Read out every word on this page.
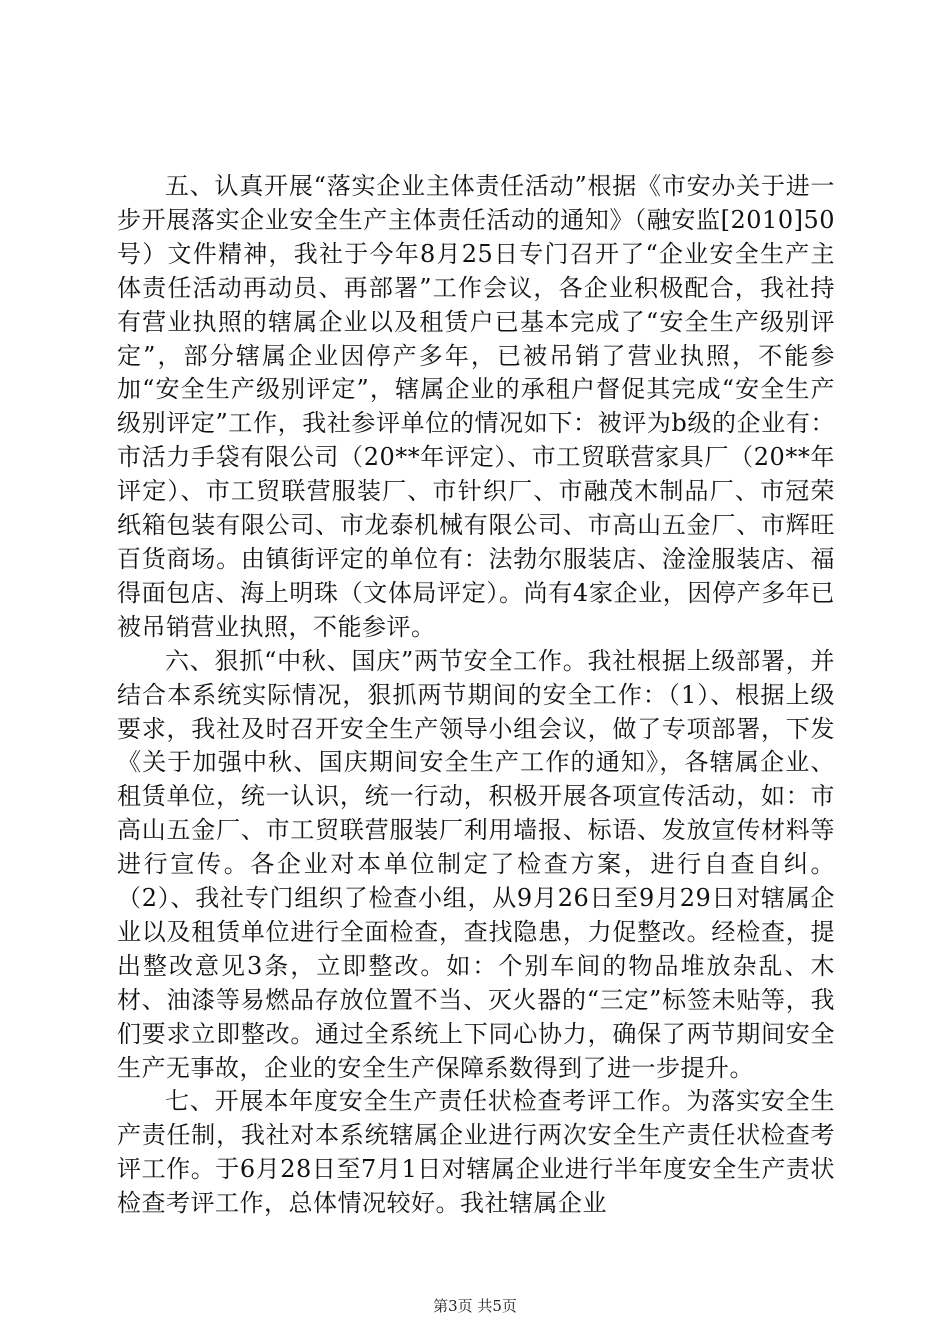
五、认真开展“落实企业主体责任活动”根据《市安办关于进一步开展落实企业安全生产主体责任活动的通知》（融安监[2010]50号）文件精神，我社于今年8月25日专门召开了“企业安全生产主体责任活动再动员、再部署”工作会议，各企业积极配合，我社持有营业执照的辖属企业以及租赁户已基本完成了“安全生产级别评定”，部分辖属企业因停产多年，已被吊销了营业执照，不能参加“安全生产级别评定”，辖属企业的承租户督促其完成“安全生产级别评定”工作，我社参评单位的情况如下：被评为b级的企业有：市活力手袋有限公司（20**年评定）、市工贸联营家具厂（20**年评定）、市工贸联营服装厂、市针织厂、市融茂木制品厂、市冠荣纸箱包装有限公司、市龙泰机械有限公司、市高山五金厂、市辉旺百货商场。由镇街评定的单位有：法勃尔服装店、淦淦服装店、福得面包店、海上明珠（文体局评定）。尚有4家企业，因停产多年已被吊销营业执照，不能参评。

六、狠抓“中秋、国庆”两节安全工作。我社根据上级部署，并结合本系统实际情况，狠抓两节期间的安全工作：（1）、根据上级要求，我社及时召开安全生产领导小组会议，做了专项部署，下发《关于加强中秋、国庆期间安全生产工作的通知》，各辖属企业、租赁单位，统一认识，统一行动，积极开展各项宣传活动，如：市高山五金厂、市工贸联营服装厂利用墙报、标语、发放宣传材料等进行宣传。各企业对本单位制定了检查方案，进行自查自纠。（2）、我社专门组织了检查小组，从9月26日至9月29日对辖属企业以及租赁单位进行全面检查，查找隐患，力促整改。经检查，提出整改意见3条，立即整改。如：个别车间的物品堆放杂乱、木材、油漆等易燃品存放位置不当、灭火器的“三定”标签未贴等，我们要求立即整改。通过全系统上下同心协力，确保了两节期间安全生产无事故，企业的安全生产保障系数得到了进一步提升。

七、开展本年度安全生产责任状检查考评工作。为落实安全生产责任制，我社对本系统辖属企业进行两次安全生产责任状检查考评工作。于6月28日至7月1日对辖属企业进行半年度安全生产责状检查考评工作，总体情况较好。我社辖属企业

第3页 共5页
